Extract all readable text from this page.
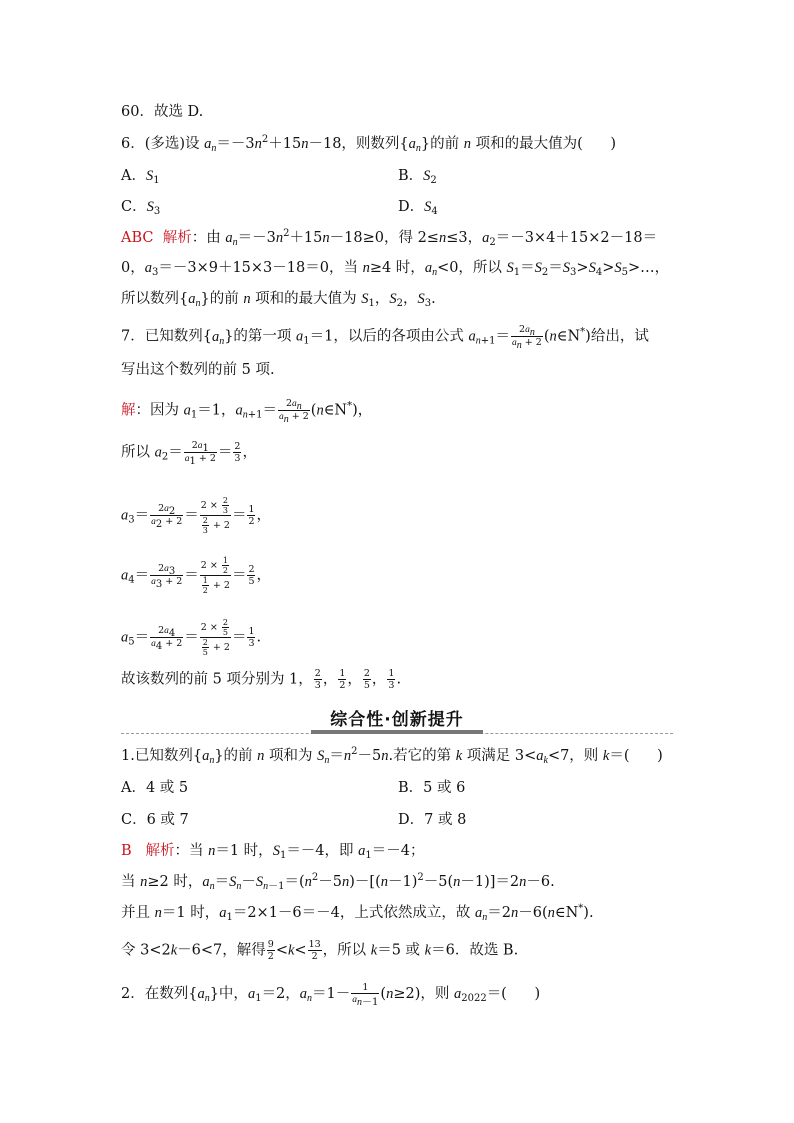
60．故选 D.
6．(多选)设 $a_n=-3n^2+15n-18$，则数列$\{a_n\}$的前 n 项和的最大值为(      )
A．$S_1$	B．$S_2$
C．$S_3$	D．$S_4$
ABC 解析：由 $a_n=-3n^2+15n-18\ge 0$，得 2≤n≤3，$a_2=-3\times 4+15\times 2-18=$
0，$a_3=-3\times 9+15\times 3-18=0$，当 n≥4 时，$a_n<0$，所以 $S_1=S_2=S_3>S_4>S_5>\dots$，
所以数列$\{a_n\}$的前 n 项和的最大值为 $S_1$，$S_2$，$S_3$.
7．已知数列$\{a_n\}$的第一项 $a_1=1$，以后的各项由公式 $a_{n+1}= \frac{2a_n}{a_n + 2}$ (n∈N*)给出，试
写出这个数列的前 5 项.
解：因为 $a_1=1$，$a_{n+1}= \frac{2a_n}{a_n + 2}$ (n∈N*)，
所以 $a_2= \frac{2a_1}{a_1 + 2} = \frac{2}{3}$ ，
$a_3= \frac{2a_2}{a_2 + 2} = \frac{2 \times \frac{2}{3}}{\frac{2}{3} + 2} = \frac{1}{2}$ ，
$a_4= \frac{2a_3}{a_3 + 2} = \frac{2 \times \frac{1}{2}}{\frac{1}{2} + 2} = \frac{2}{5}$ ，
$a_5= \frac{2a_4}{a_4 + 2} = \frac{2 \times \frac{2}{5}}{\frac{2}{5} + 2} = \frac{1}{3}$ .
故该数列的前 5 项分别为 1， $\frac{2}{3}$ ， $\frac{1}{2}$ ， $\frac{2}{5}$ ， $\frac{1}{3}$ .
综合性·创新提升
1.已知数列$\{a_n\}$的前 n 项和为 $S_n=n^2-5n$.若它的第 k 项满足 $3<a_k<7$，则 k＝(      )
A．4 或 5	B．5 或 6
C．6 或 7	D．7 或 8
B 解析：当 n＝1 时，$S_1=-4$，即 $a_1=-4$；
当 n≥2 时，$a_n=S_n-S_{n-1}=(n^2-5n)-[(n-1)^2-5(n-1)]=2n-6$.
并且 n＝1 时，$a_1=2\times 1-6=-4$，上式依然成立，故 $a_n=2n-6(n\in N^*)$.
令 3<2k－6<7，解得 $\frac{9}{2} <k< \frac{13}{2}$ ，所以 k＝5 或 k＝6．故选 B.
2．在数列$\{a_n\}$中，$a_1=2$，$a_n=1- \frac{1}{a_{n-1}} (n\ge 2)$，则 $a_{2022}=$(      )
